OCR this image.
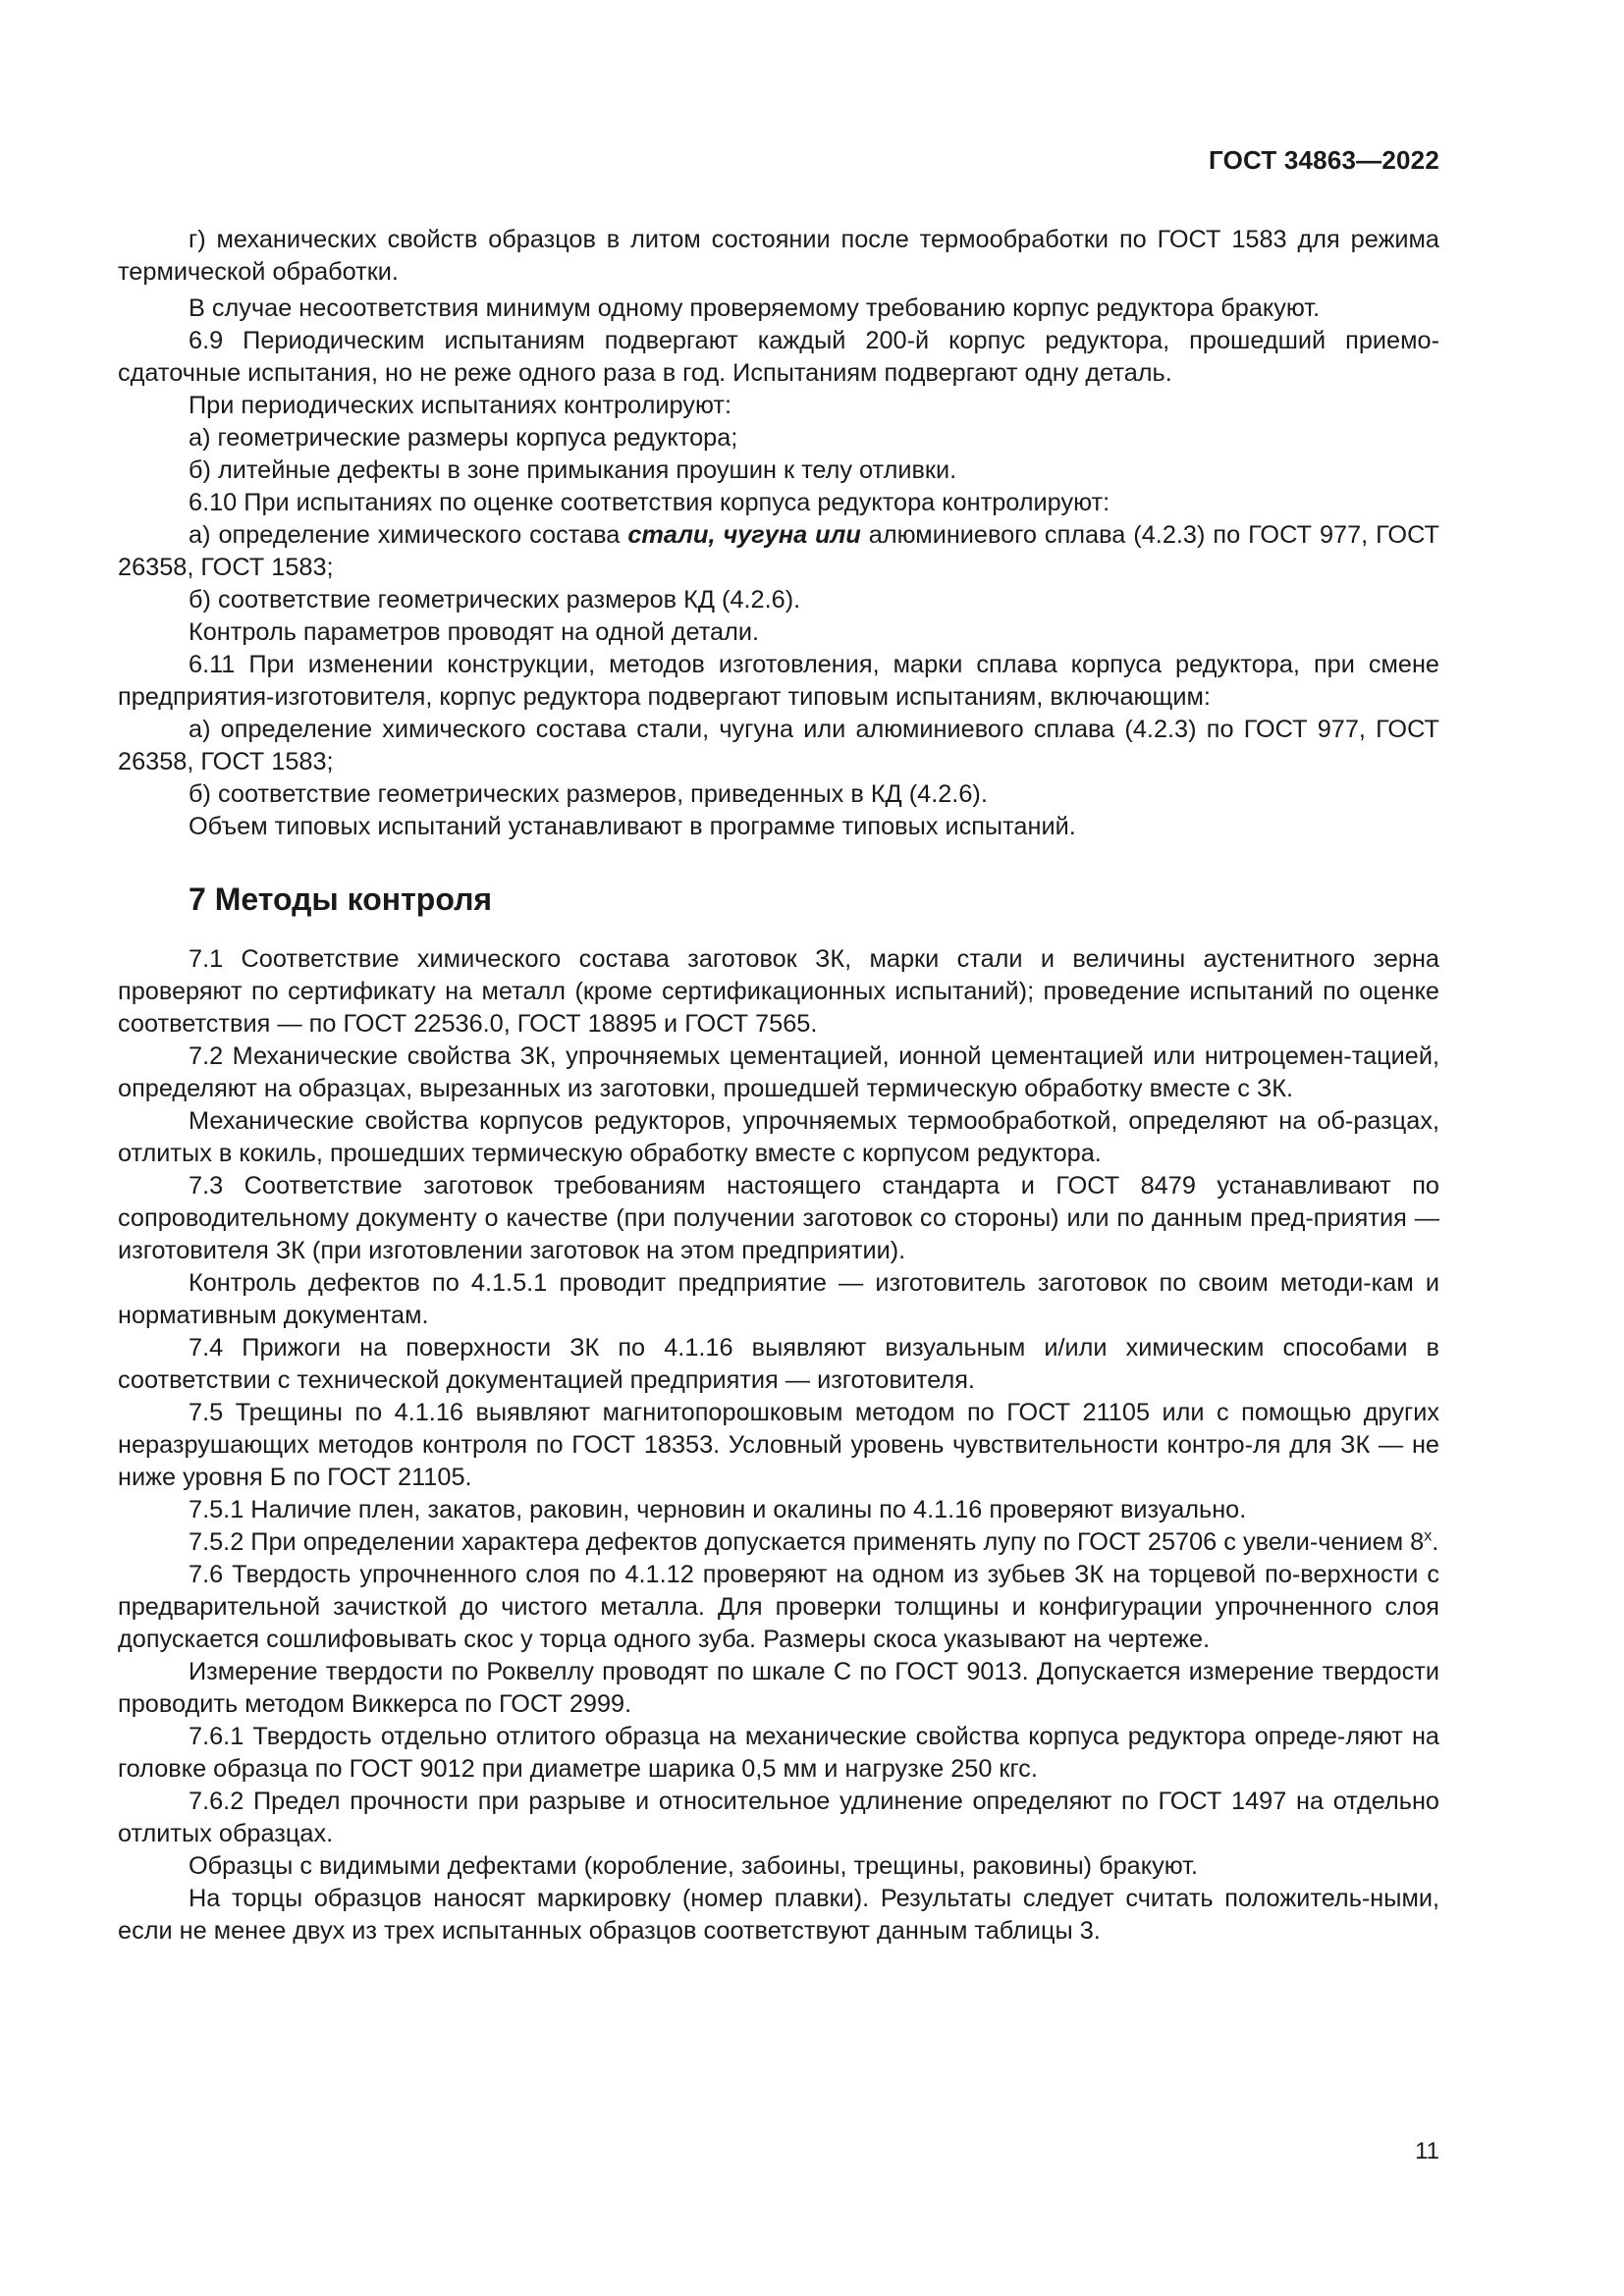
ГОСТ 34863—2022

г) механических свойств образцов в литом состоянии после термообработки по ГОСТ 1583 для режима термической обработки.

В случае несоответствия минимум одному проверяемому требованию корпус редуктора бракуют.

6.9 Периодическим испытаниям подвергают каждый 200-й корпус редуктора, прошедший приемо-сдаточные испытания, но не реже одного раза в год. Испытаниям подвергают одну деталь.

При периодических испытаниях контролируют:

а) геометрические размеры корпуса редуктора;

б) литейные дефекты в зоне примыкания проушин к телу отливки.

6.10 При испытаниях по оценке соответствия корпуса редуктора контролируют:

а) определение химического состава стали, чугуна или алюминиевого сплава (4.2.3) по ГОСТ 977, ГОСТ 26358, ГОСТ 1583;

б) соответствие геометрических размеров КД (4.2.6).

Контроль параметров проводят на одной детали.

6.11 При изменении конструкции, методов изготовления, марки сплава корпуса редуктора, при смене предприятия-изготовителя, корпус редуктора подвергают типовым испытаниям, включающим:

а) определение химического состава стали, чугуна или алюминиевого сплава (4.2.3) по ГОСТ 977, ГОСТ 26358, ГОСТ 1583;

б) соответствие геометрических размеров, приведенных в КД (4.2.6).

Объем типовых испытаний устанавливают в программе типовых испытаний.

7 Методы контроля

7.1 Соответствие химического состава заготовок ЗК, марки стали и величины аустенитного зерна проверяют по сертификату на металл (кроме сертификационных испытаний); проведение испытаний по оценке соответствия — по ГОСТ 22536.0, ГОСТ 18895 и ГОСТ 7565.

7.2 Механические свойства ЗК, упрочняемых цементацией, ионной цементацией или нитроцемен-тацией, определяют на образцах, вырезанных из заготовки, прошедшей термическую обработку вместе с ЗК.

Механические свойства корпусов редукторов, упрочняемых термообработкой, определяют на об-разцах, отлитых в кокиль, прошедших термическую обработку вместе с корпусом редуктора.

7.3 Соответствие заготовок требованиям настоящего стандарта и ГОСТ 8479 устанавливают по сопроводительному документу о качестве (при получении заготовок со стороны) или по данным пред-приятия — изготовителя ЗК (при изготовлении заготовок на этом предприятии).

Контроль дефектов по 4.1.5.1 проводит предприятие — изготовитель заготовок по своим методи-кам и нормативным документам.

7.4 Прижоги на поверхности ЗК по 4.1.16 выявляют визуальным и/или химическим способами в соответствии с технической документацией предприятия — изготовителя.

7.5 Трещины по 4.1.16 выявляют магнитопорошковым методом по ГОСТ 21105 или с помощью других неразрушающих методов контроля по ГОСТ 18353. Условный уровень чувствительности контро-ля для ЗК — не ниже уровня Б по ГОСТ 21105.

7.5.1 Наличие плен, закатов, раковин, черновин и окалины по 4.1.16 проверяют визуально.

7.5.2 При определении характера дефектов допускается применять лупу по ГОСТ 25706 с увели-чением $8^х$.

7.6 Твердость упрочненного слоя по 4.1.12 проверяют на одном из зубьев ЗК на торцевой по-верхности с предварительной зачисткой до чистого металла. Для проверки толщины и конфигурации упрочненного слоя допускается сошлифовывать скос у торца одного зуба. Размеры скоса указывают на чертеже.

Измерение твердости по Роквеллу проводят по шкале С по ГОСТ 9013. Допускается измерение твердости проводить методом Виккерса по ГОСТ 2999.

7.6.1 Твердость отдельно отлитого образца на механические свойства корпуса редуктора опреде-ляют на головке образца по ГОСТ 9012 при диаметре шарика 0,5 мм и нагрузке 250 кгс.

7.6.2 Предел прочности при разрыве и относительное удлинение определяют по ГОСТ 1497 на отдельно отлитых образцах.

Образцы с видимыми дефектами (коробление, забоины, трещины, раковины) бракуют.

На торцы образцов наносят маркировку (номер плавки). Результаты следует считать положитель-ными, если не менее двух из трех испытанных образцов соответствуют данным таблицы 3.

11
